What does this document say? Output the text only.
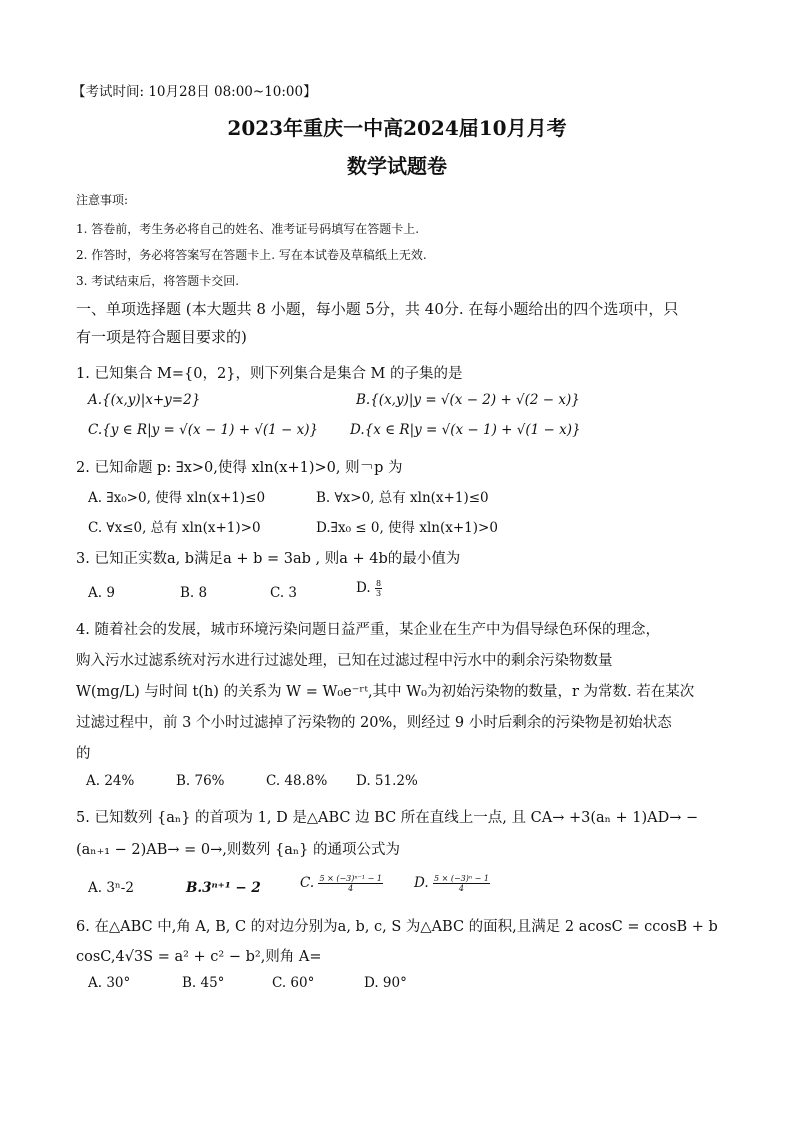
【考试时间: 10月28日 08:00~10:00】
2023年重庆一中高2024届10月月考
数学试题卷
注意事项:
1. 答卷前，考生务必将自己的姓名、准考证号码填写在答题卡上.
2. 作答时，务必将答案写在答题卡上. 写在本试卷及草稿纸上无效.
3. 考试结束后，将答题卡交回.
一、单项选择题 (本大题共 8 小题，每小题 5分，共 40分. 在每小题给出的四个选项中，只
有一项是符合题目要求的)
1. 已知集合 M={0，2}，则下列集合是集合 M 的子集的是
A.{(x,y)|x+y=2}	B.{(x,y)|y = √(x − 2) + √(2 − x)}
C.{y ∈ R|y = √(x − 1) + √(1 − x)} D.{x ∈ R|y = √(x − 1) + √(1 − x)}
2. 已知命题 p: ∃x>0,使得 xln(x+1)>0, 则￢p 为
A. ∃x₀>0, 使得 xln(x+1)≤0	B. ∀x>0, 总有 xln(x+1)≤0
C. ∀x≤0, 总有 xln(x+1)>0	D.∃x₀ ≤ 0, 使得 xln(x+1)>0
3. 已知正实数a, b满足a + b = 3ab , 则a + 4b的最小值为
A. 9	B. 8	C. 3	D. $\frac{8}{3}$
4. 随着社会的发展，城市环境污染问题日益严重，某企业在生产中为倡导绿色环保的理念，
购入污水过滤系统对污水进行过滤处理，已知在过滤过程中污水中的剩余污染物数量
W(mg/L) 与时间 t(h) 的关系为 W = W₀e⁻ʳᵗ,其中 W₀为初始污染物的数量，r 为常数. 若在某次
过滤过程中，前 3 个小时过滤掉了污染物的 20%，则经过 9 小时后剩余的污染物是初始状态
的
A. 24%	B. 76%	C. 48.8% D. 51.2%
5. 已知数列 {aₙ} 的首项为 1, D 是△ABC 边 BC 所在直线上一点, 且 CA→ +3(aₙ + 1)AD→ −
(aₙ₊₁ − 2)AB→ = 0→,则数列 {aₙ} 的通项公式为
A. 3ⁿ-2	B.3ⁿ⁺¹ − 2	C. $\frac{\text{5 × (−3)ⁿ⁻¹ − 1}}{4} D$. $\frac{\text{5 × (−3)ⁿ − 1}}{4}$
6. 在△ABC 中,角 A, B, C 的对边分别为a, b, c, S 为△ABC 的面积,且满足 2 acosC = ccosB + b
cosC,4√3S = a² + c² − b²,则角 A=
A. 30°	B. 45°	C. 60°	D. 90°
